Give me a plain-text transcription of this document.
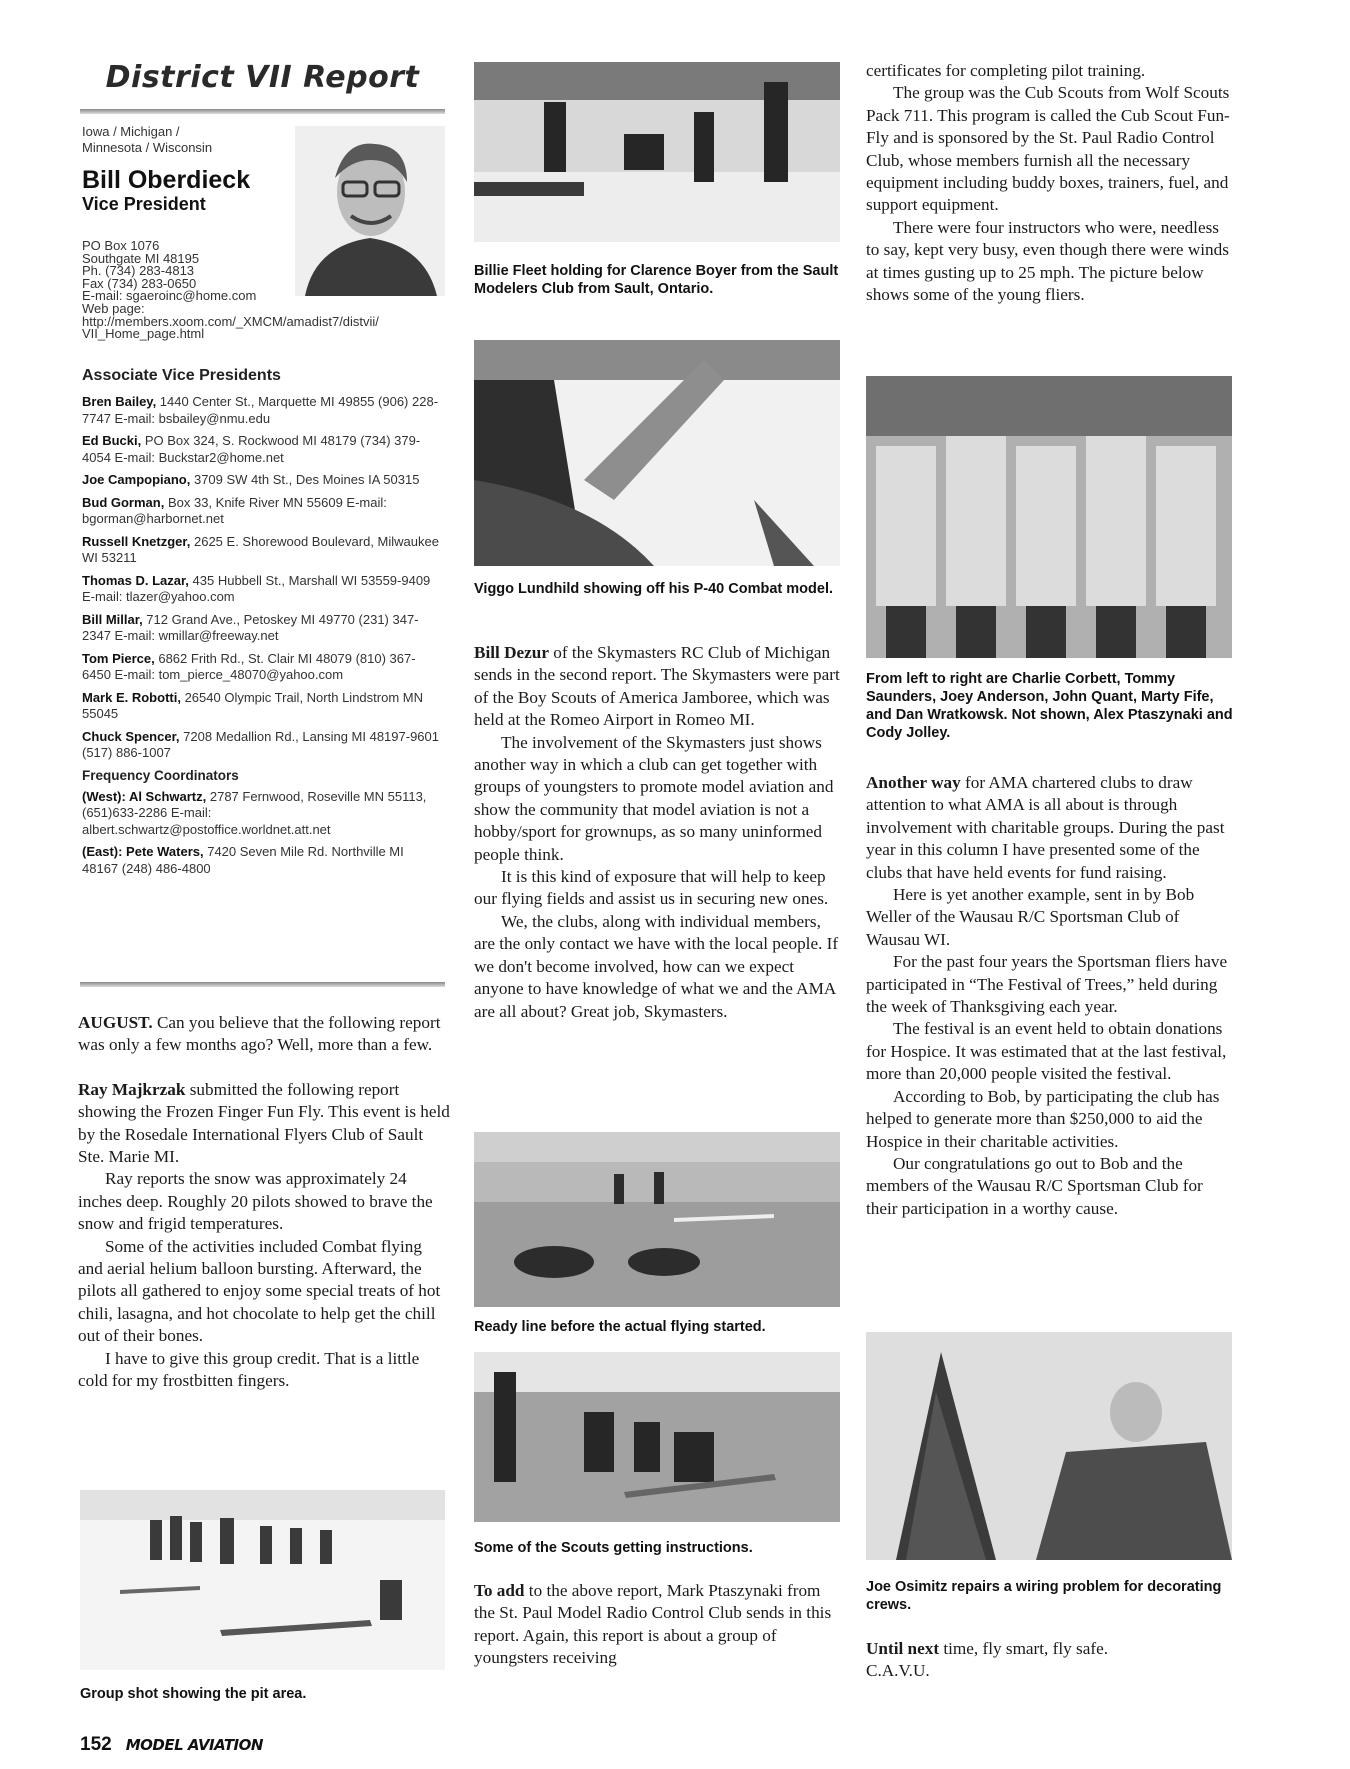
District VII Report
Iowa / Michigan /
Minnesota / Wisconsin
Bill Oberdieck
Vice President
PO Box 1076
Southgate MI 48195
Ph. (734) 283-4813
Fax (734) 283-0650
E-mail: sgaeroinc@home.com
Web page:
http://members.xoom.com/_XMCM/amadist7/distvii/
VII_Home_page.html
Associate Vice Presidents
Bren Bailey, 1440 Center St., Marquette MI 49855 (906) 228-7747 E-mail: bsbailey@nmu.edu
Ed Bucki, PO Box 324, S. Rockwood MI 48179 (734) 379-4054 E-mail: Buckstar2@home.net
Joe Campopiano, 3709 SW 4th St., Des Moines IA 50315
Bud Gorman, Box 33, Knife River MN 55609 E-mail: bgorman@harbornet.net
Russell Knetzger, 2625 E. Shorewood Boulevard, Milwaukee WI 53211
Thomas D. Lazar, 435 Hubbell St., Marshall WI 53559-9409 E-mail: tlazer@yahoo.com
Bill Millar, 712 Grand Ave., Petoskey MI 49770 (231) 347-2347 E-mail: wmillar@freeway.net
Tom Pierce, 6862 Frith Rd., St. Clair MI 48079 (810) 367-6450 E-mail: tom_pierce_48070@yahoo.com
Mark E. Robotti, 26540 Olympic Trail, North Lindstrom MN 55045
Chuck Spencer, 7208 Medallion Rd., Lansing MI 48197-9601 (517) 886-1007
Frequency Coordinators
(West): Al Schwartz, 2787 Fernwood, Roseville MN 55113, (651)633-2286 E-mail: albert.schwartz@postoffice.worldnet.att.net
(East): Pete Waters, 7420 Seven Mile Rd. Northville MI 48167 (248) 486-4800

AUGUST. Can you believe that the following report was only a few months ago? Well, more than a few.

Ray Majkrzak submitted the following report showing the Frozen Finger Fun Fly. This event is held by the Rosedale International Flyers Club of Sault Ste. Marie MI.

Ray reports the snow was approximately 24 inches deep. Roughly 20 pilots showed to brave the snow and frigid temperatures.

Some of the activities included Combat flying and aerial helium balloon bursting. Afterward, the pilots all gathered to enjoy some special treats of hot chili, lasagna, and hot chocolate to help get the chill out of their bones.

I have to give this group credit. That is a little cold for my frostbitten fingers.

Group shot showing the pit area.
152 MODEL AVIATION
Billie Fleet holding for Clarence Boyer from the Sault Modelers Club from Sault, Ontario.
Viggo Lundhild showing off his P-40 Combat model.

Bill Dezur of the Skymasters RC Club of Michigan sends in the second report. The Skymasters were part of the Boy Scouts of America Jamboree, which was held at the Romeo Airport in Romeo MI.

The involvement of the Skymasters just shows another way in which a club can get together with groups of youngsters to promote model aviation and show the community that model aviation is not a hobby/sport for grownups, as so many uninformed people think.

It is this kind of exposure that will help to keep our flying fields and assist us in securing new ones.

We, the clubs, along with individual members, are the only contact we have with the local people. If we don't become involved, how can we expect anyone to have knowledge of what we and the AMA are all about? Great job, Skymasters.

Ready line before the actual flying started.
Some of the Scouts getting instructions.

To add to the above report, Mark Ptaszynaki from the St. Paul Model Radio Control Club sends in this report. Again, this report is about a group of youngsters receiving

certificates for completing pilot training.

The group was the Cub Scouts from Wolf Scouts Pack 711. This program is called the Cub Scout Fun-Fly and is sponsored by the St. Paul Radio Control Club, whose members furnish all the necessary equipment including buddy boxes, trainers, fuel, and support equipment.

There were four instructors who were, needless to say, kept very busy, even though there were winds at times gusting up to 25 mph. The picture below shows some of the young fliers.

From left to right are Charlie Corbett, Tommy Saunders, Joey Anderson, John Quant, Marty Fife, and Dan Wratkowsk. Not shown, Alex Ptaszynaki and Cody Jolley.

Another way for AMA chartered clubs to draw attention to what AMA is all about is through involvement with charitable groups. During the past year in this column I have presented some of the clubs that have held events for fund raising.

Here is yet another example, sent in by Bob Weller of the Wausau R/C Sportsman Club of Wausau WI.

For the past four years the Sportsman fliers have participated in “The Festival of Trees,” held during the week of Thanksgiving each year.

The festival is an event held to obtain donations for Hospice. It was estimated that at the last festival, more than 20,000 people visited the festival.

According to Bob, by participating the club has helped to generate more than $250,000 to aid the Hospice in their charitable activities.

Our congratulations go out to Bob and the members of the Wausau R/C Sportsman Club for their participation in a worthy cause.

Joe Osimitz repairs a wiring problem for decorating crews.

Until next time, fly smart, fly safe.

C.A.V.U.
